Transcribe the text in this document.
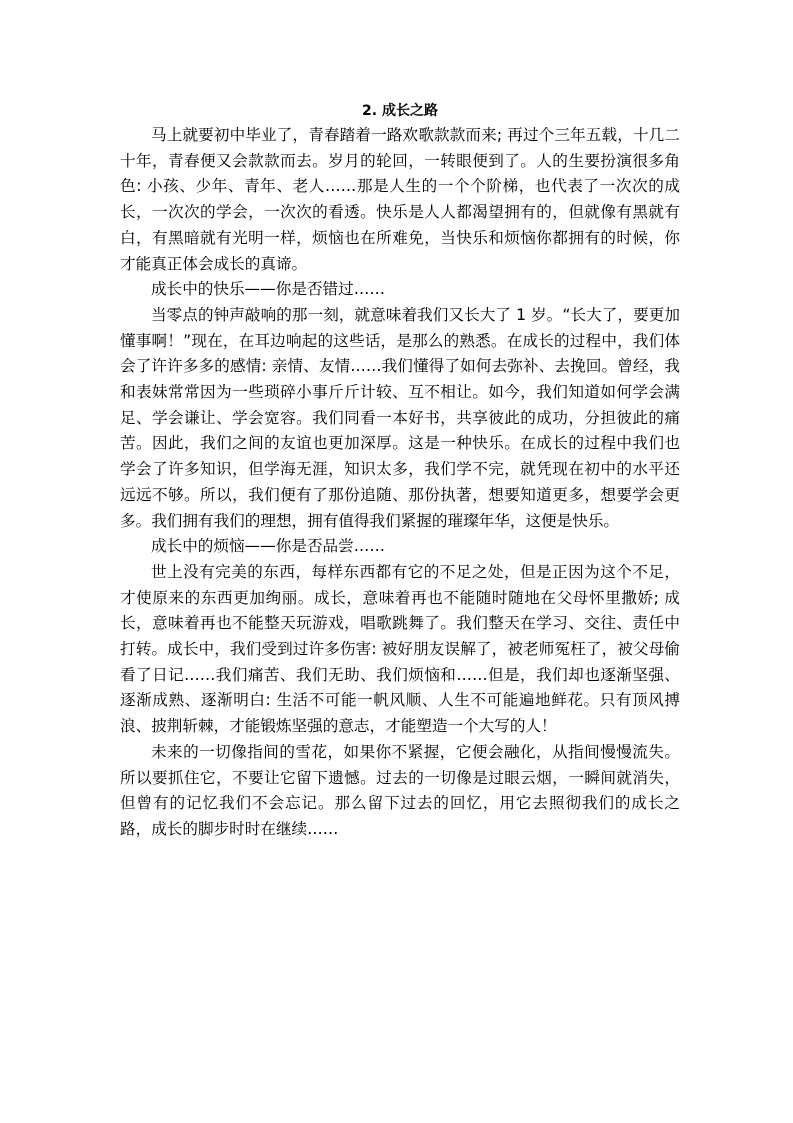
2. 成长之路

马上就要初中毕业了，青春踏着一路欢歌款款而来; 再过个三年五载，十几二十年，青春便又会款款而去。岁月的轮回，一转眼便到了。人的生要扮演很多角色: 小孩、少年、青年、老人……那是人生的一个个阶梯，也代表了一次次的成长，一次次的学会，一次次的看透。快乐是人人都渴望拥有的，但就像有黑就有白，有黑暗就有光明一样，烦恼也在所难免，当快乐和烦恼你都拥有的时候，你才能真正体会成长的真谛。

成长中的快乐——你是否错过……

当零点的钟声敲响的那一刻，就意味着我们又长大了 1 岁。“长大了，要更加懂事啊！”现在，在耳边响起的这些话，是那么的熟悉。在成长的过程中，我们体会了许许多多的感情: 亲情、友情……我们懂得了如何去弥补、去挽回。曾经，我和表妹常常因为一些琐碎小事斤斤计较、互不相让。如今，我们知道如何学会满足、学会谦让、学会宽容。我们同看一本好书，共享彼此的成功，分担彼此的痛苦。因此，我们之间的友谊也更加深厚。这是一种快乐。在成长的过程中我们也学会了许多知识，但学海无涯，知识太多，我们学不完，就凭现在初中的水平还远远不够。所以，我们便有了那份追随、那份执著，想要知道更多，想要学会更多。我们拥有我们的理想，拥有值得我们紧握的璀璨年华，这便是快乐。

成长中的烦恼——你是否品尝……

世上没有完美的东西，每样东西都有它的不足之处，但是正因为这个不足，才使原来的东西更加绚丽。成长，意味着再也不能随时随地在父母怀里撒娇; 成长，意味着再也不能整天玩游戏，唱歌跳舞了。我们整天在学习、交往、责任中打转。成长中，我们受到过许多伤害: 被好朋友误解了，被老师冤枉了，被父母偷看了日记……我们痛苦、我们无助、我们烦恼和……但是，我们却也逐渐坚强、逐渐成熟、逐渐明白: 生活不可能一帆风顺、人生不可能遍地鲜花。只有顶风搏浪、披荆斩棘，才能锻炼坚强的意志，才能塑造一个大写的人！

未来的一切像指间的雪花，如果你不紧握，它便会融化，从指间慢慢流失。所以要抓住它，不要让它留下遗憾。过去的一切像是过眼云烟，一瞬间就消失，但曾有的记忆我们不会忘记。那么留下过去的回忆，用它去照彻我们的成长之路，成长的脚步时时在继续……
